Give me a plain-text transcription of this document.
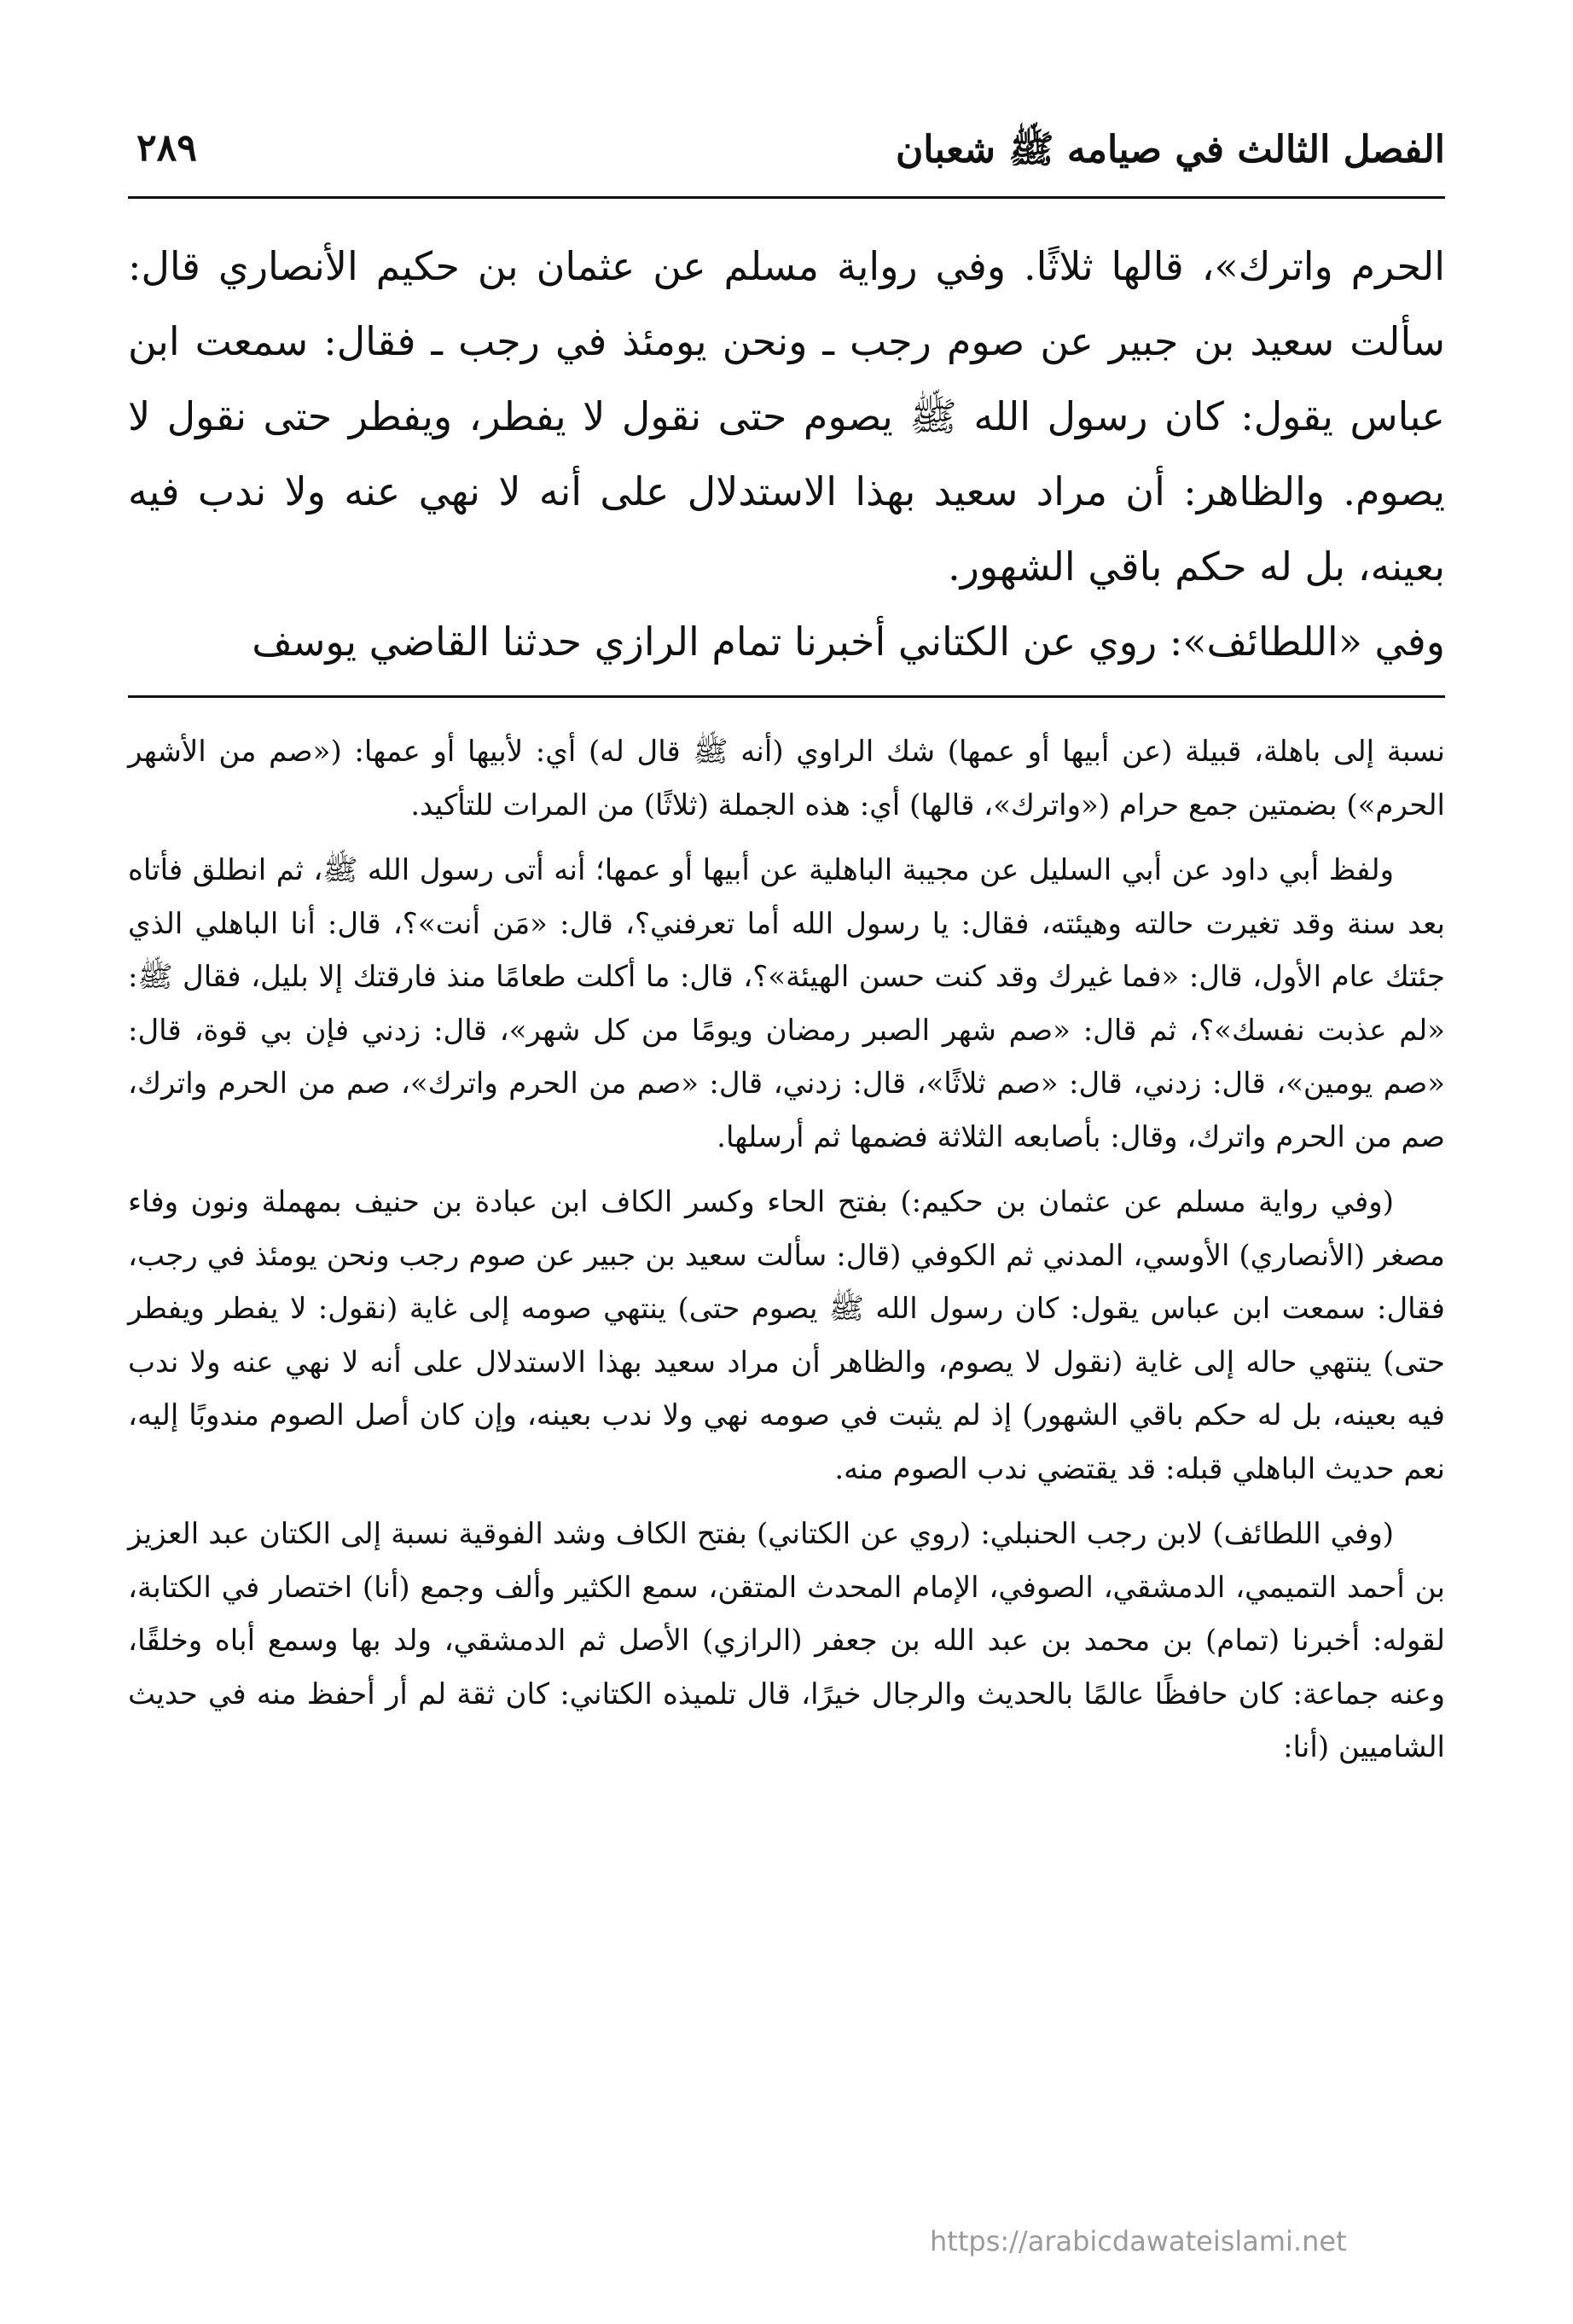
الفصل الثالث في صيامه ﷺ شعبان
٢٨٩

الحرم واترك»، قالها ثلاثًا. وفي رواية مسلم عن عثمان بن حكيم الأنصاري قال: سألت سعيد بن جبير عن صوم رجب ـ ونحن يومئذ في رجب ـ فقال: سمعت ابن عباس يقول: كان رسول الله ﷺ يصوم حتى نقول لا يفطر، ويفطر حتى نقول لا يصوم. والظاهر: أن مراد سعيد بهذا الاستدلال على أنه لا نهي عنه ولا ندب فيه بعينه، بل له حكم باقي الشهور.

وفي «اللطائف»: روي عن الكتاني أخبرنا تمام الرازي حدثنا القاضي يوسف

نسبة إلى باهلة، قبيلة (عن أبيها أو عمها) شك الراوي (أنه ﷺ قال له) أي: لأبيها أو عمها: («صم من الأشهر الحرم») بضمتين جمع حرام («واترك»، قالها) أي: هذه الجملة (ثلاثًا) من المرات للتأكيد.

ولفظ أبي داود عن أبي السليل عن مجيبة الباهلية عن أبيها أو عمها؛ أنه أتى رسول الله ﷺ، ثم انطلق فأتاه بعد سنة وقد تغيرت حالته وهيئته، فقال: يا رسول الله أما تعرفني؟، قال: «مَن أنت»؟، قال: أنا الباهلي الذي جئتك عام الأول، قال: «فما غيرك وقد كنت حسن الهيئة»؟، قال: ما أكلت طعامًا منذ فارقتك إلا بليل، فقال ﷺ: «لم عذبت نفسك»؟، ثم قال: «صم شهر الصبر رمضان ويومًا من كل شهر»، قال: زدني فإن بي قوة، قال: «صم يومين»، قال: زدني، قال: «صم ثلاثًا»، قال: زدني، قال: «صم من الحرم واترك»، صم من الحرم واترك، صم من الحرم واترك، وقال: بأصابعه الثلاثة فضمها ثم أرسلها.

(وفي رواية مسلم عن عثمان بن حكيم:) بفتح الحاء وكسر الكاف ابن عبادة بن حنيف بمهملة ونون وفاء مصغر (الأنصاري) الأوسي، المدني ثم الكوفي (قال: سألت سعيد بن جبير عن صوم رجب ونحن يومئذ في رجب، فقال: سمعت ابن عباس يقول: كان رسول الله ﷺ يصوم حتى) ينتهي صومه إلى غاية (نقول: لا يفطر ويفطر حتى) ينتهي حاله إلى غاية (نقول لا يصوم، والظاهر أن مراد سعيد بهذا الاستدلال على أنه لا نهي عنه ولا ندب فيه بعينه، بل له حكم باقي الشهور) إذ لم يثبت في صومه نهي ولا ندب بعينه، وإن كان أصل الصوم مندوبًا إليه، نعم حديث الباهلي قبله: قد يقتضي ندب الصوم منه.

(وفي اللطائف) لابن رجب الحنبلي: (روي عن الكتاني) بفتح الكاف وشد الفوقية نسبة إلى الكتان عبد العزيز بن أحمد التميمي، الدمشقي، الصوفي، الإمام المحدث المتقن، سمع الكثير وألف وجمع (أنا) اختصار في الكتابة، لقوله: أخبرنا (تمام) بن محمد بن عبد الله بن جعفر (الرازي) الأصل ثم الدمشقي، ولد بها وسمع أباه وخلقًا، وعنه جماعة: كان حافظًا عالمًا بالحديث والرجال خيرًا، قال تلميذه الكتاني: كان ثقة لم أر أحفظ منه في حديث الشاميين (أنا:

https://arabicdawateislami.net
